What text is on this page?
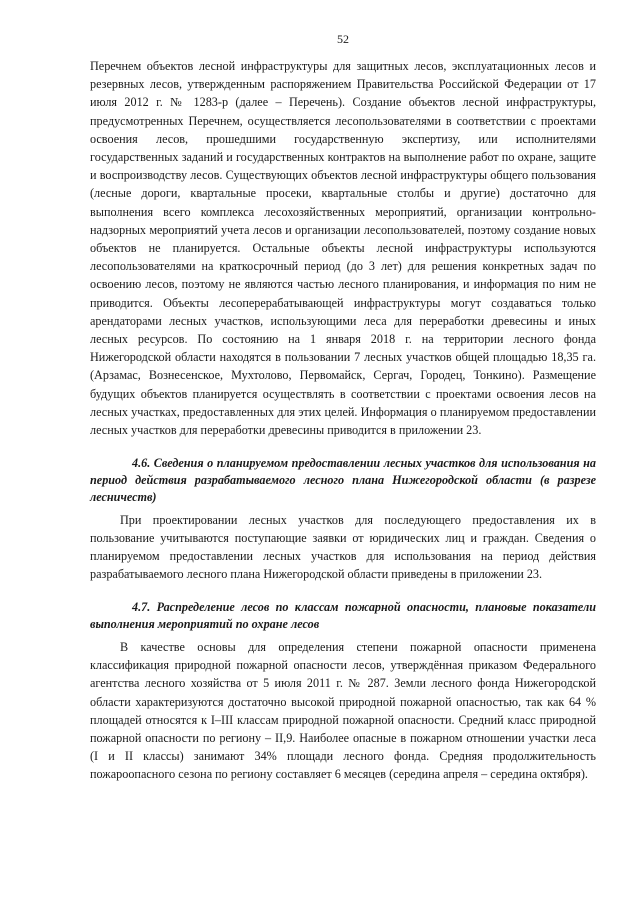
52

Перечнем объектов лесной инфраструктуры для защитных лесов, эксплуатационных лесов и резервных лесов, утвержденным распоряжением Правительства Российской Федерации от 17 июля 2012 г. № 1283-р (далее – Перечень). Создание объектов лесной инфраструктуры, предусмотренных Перечнем, осуществляется лесопользователями в соответствии с проектами освоения лесов, прошедшими государственную экспертизу, или исполнителями государственных заданий и государственных контрактов на выполнение работ по охране, защите и воспроизводству лесов. Существующих объектов лесной инфраструктуры общего пользования (лесные дороги, квартальные просеки, квартальные столбы и другие) достаточно для выполнения всего комплекса лесохозяйственных мероприятий, организации контрольно-надзорных мероприятий учета лесов и организации лесопользователей, поэтому создание новых объектов не планируется. Остальные объекты лесной инфраструктуры используются лесопользователями на краткосрочный период (до 3 лет) для решения конкретных задач по освоению лесов, поэтому не являются частью лесного планирования, и информация по ним не приводится. Объекты лесоперерабатывающей инфраструктуры могут создаваться только арендаторами лесных участков, использующими леса для переработки древесины и иных лесных ресурсов. По состоянию на 1 января 2018 г. на территории лесного фонда Нижегородской области находятся в пользовании 7 лесных участков общей площадью 18,35 га. (Арзамас, Вознесенское, Мухтолово, Первомайск, Сергач, Городец, Тонкино). Размещение будущих объектов планируется осуществлять в соответствии с проектами освоения лесов на лесных участках, предоставленных для этих целей. Информация о планируемом предоставлении лесных участков для переработки древесины приводится в приложении 23.

4.6. Сведения о планируемом предоставлении лесных участков для использования на период действия разрабатываемого лесного плана Нижегородской области (в разрезе лесничеств)

При проектировании лесных участков для последующего предоставления их в пользование учитываются поступающие заявки от юридических лиц и граждан. Сведения о планируемом предоставлении лесных участков для использования на период действия разрабатываемого лесного плана Нижегородской области приведены в приложении 23.

4.7. Распределение лесов по классам пожарной опасности, плановые показатели выполнения мероприятий по охране лесов

В качестве основы для определения степени пожарной опасности применена классификация природной пожарной опасности лесов, утверждённая приказом Федерального агентства лесного хозяйства от 5 июля 2011 г. № 287. Земли лесного фонда Нижегородской области характеризуются достаточно высокой природной пожарной опасностью, так как 64 % площадей относятся к I–III классам природной пожарной опасности. Средний класс природной пожарной опасности по региону – II,9. Наиболее опасные в пожарном отношении участки леса (I и II классы) занимают 34% площади лесного фонда. Средняя продолжительность пожароопасного сезона по региону составляет 6 месяцев (середина апреля – середина октября).
